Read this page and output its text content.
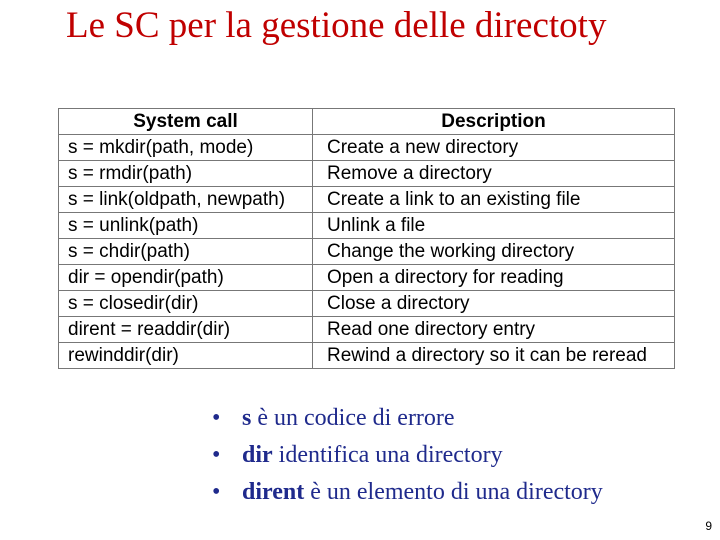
Le SC per la gestione delle directoty
System call	Description
s = mkdir(path, mode)	Create a new directory
s = rmdir(path)	Remove a directory
s = link(oldpath, newpath)	Create a link to an existing file
s = unlink(path)	Unlink a file
s = chdir(path)	Change the working directory
dir = opendir(path)	Open a directory for reading
s = closedir(dir)	Close a directory
dirent = readdir(dir)	Read one directory entry
rewinddir(dir)	Rewind a directory so it can be reread
• s è un codice di errore
• dir identifica una directory
• dirent è un elemento di una directory
9
